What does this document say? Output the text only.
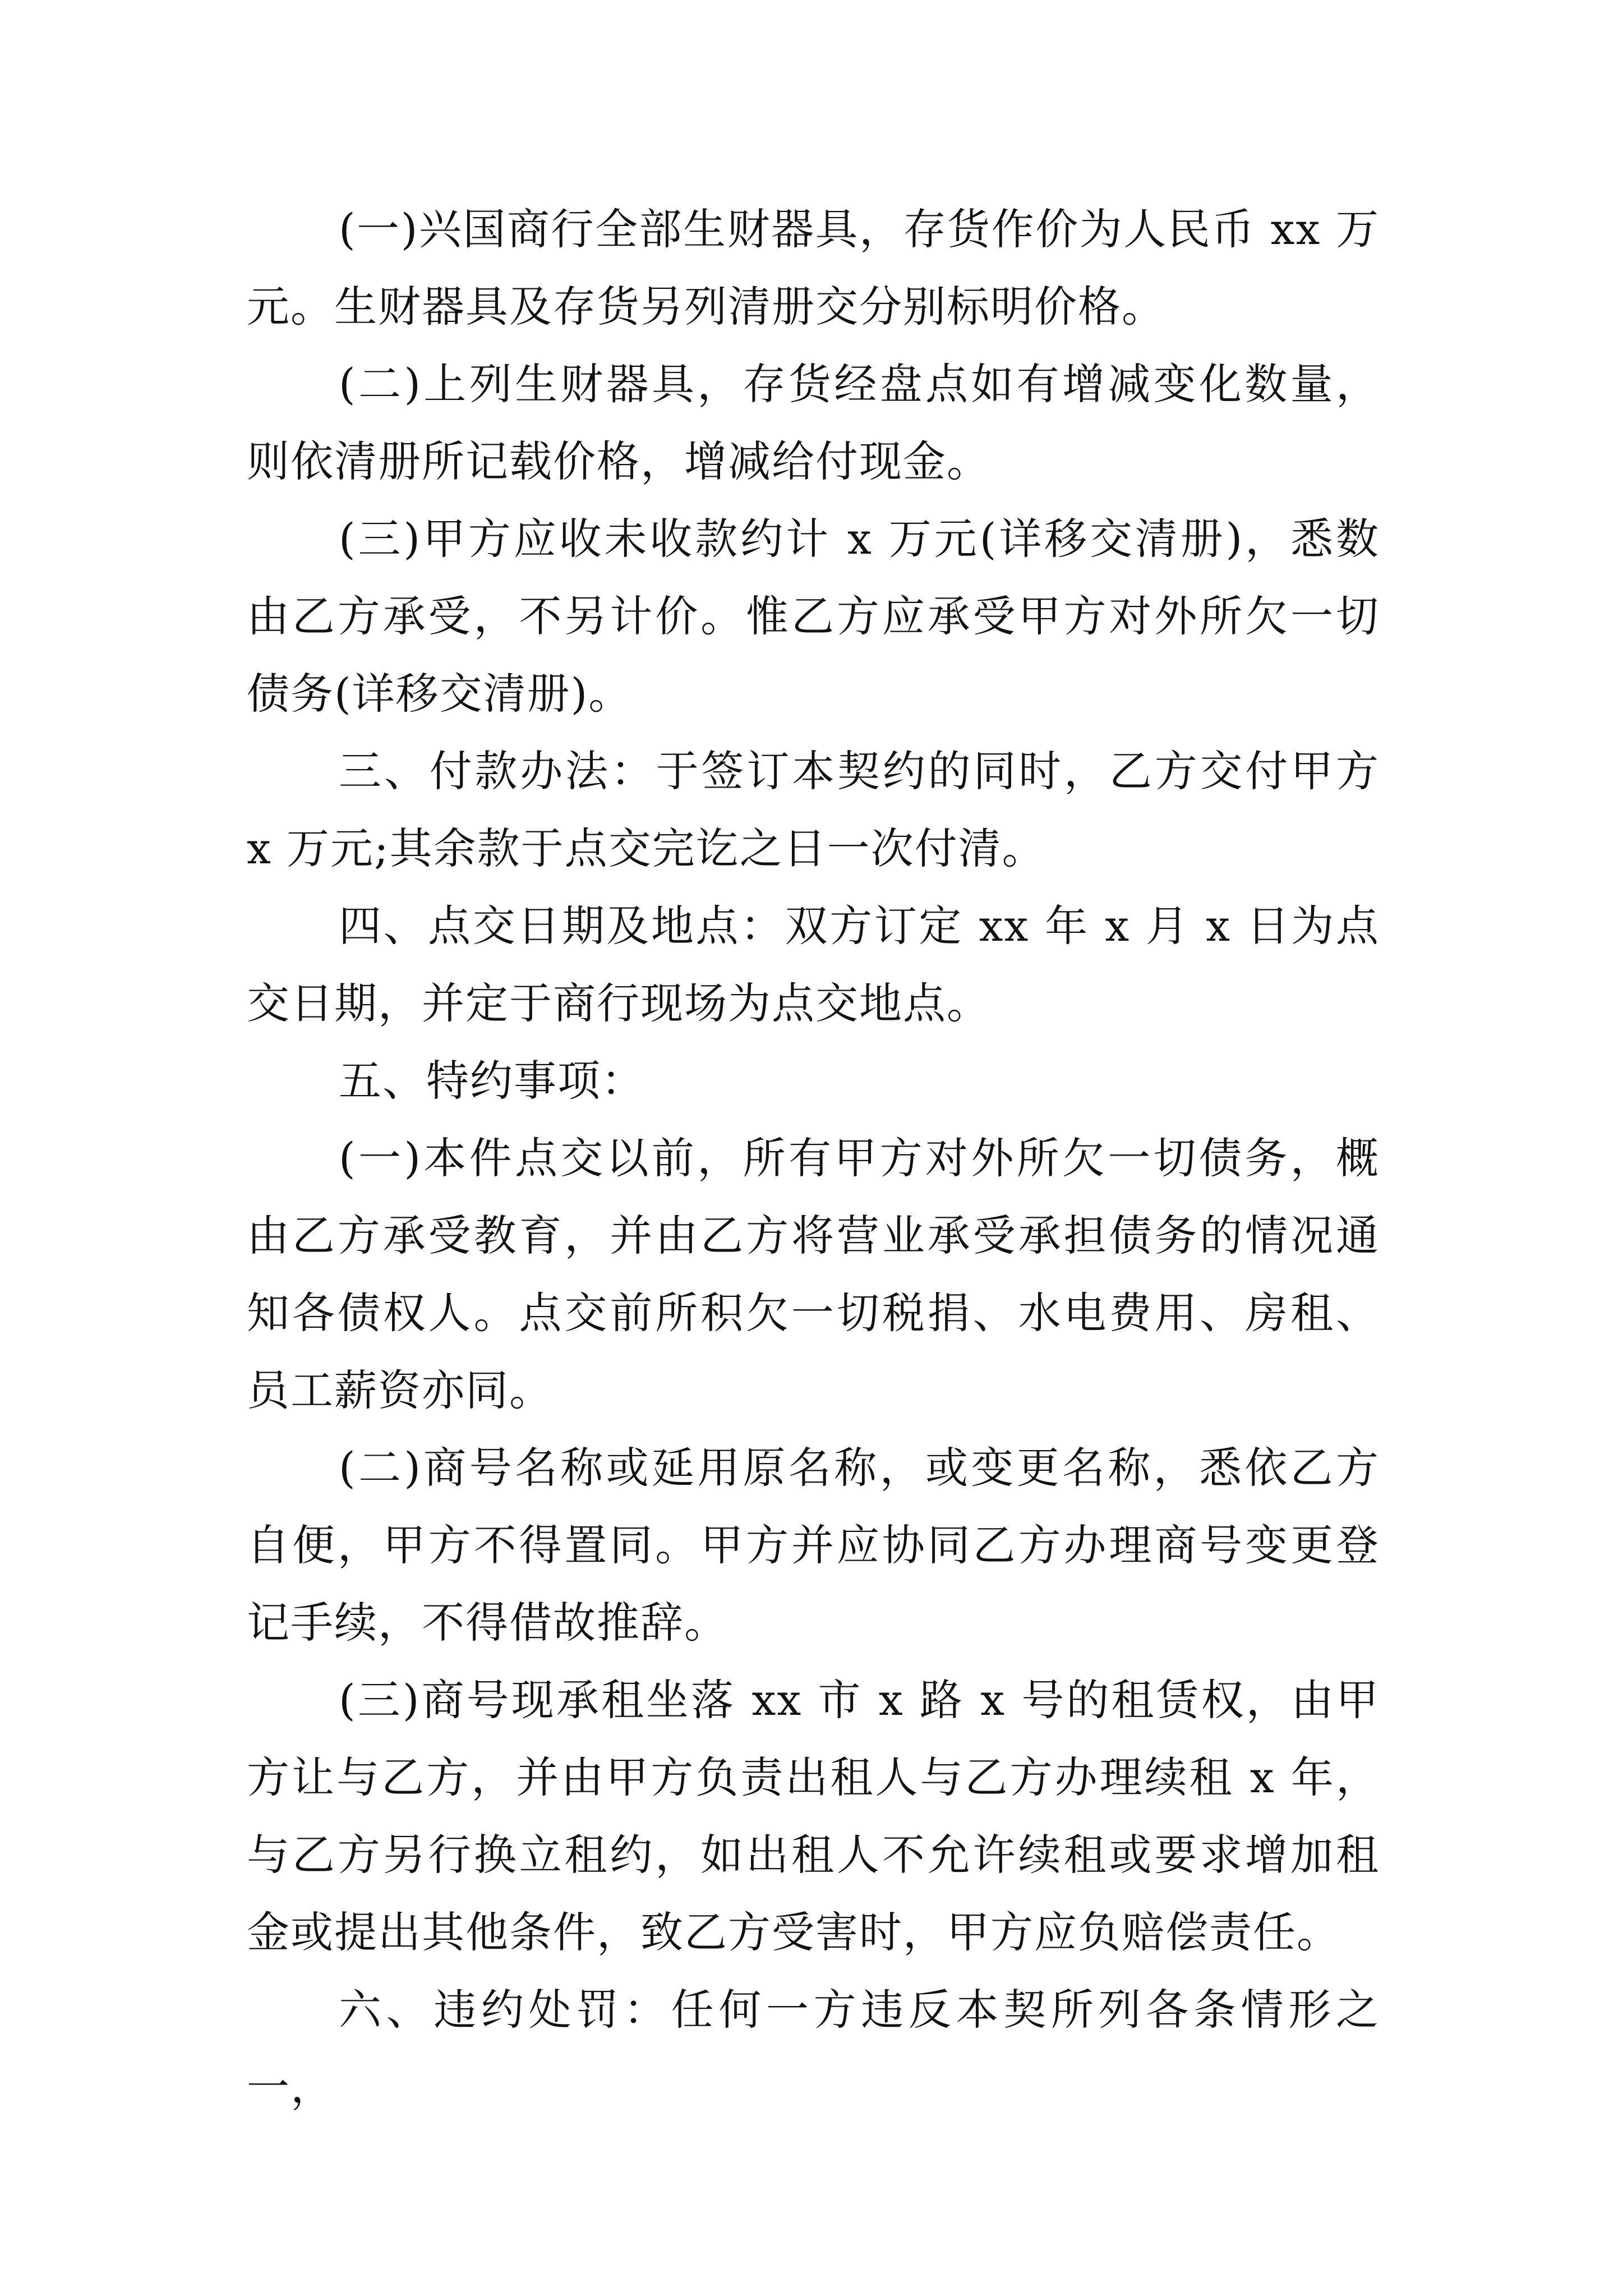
(一)兴国商行全部生财器具，存货作价为人民币 xx 万元。生财器具及存货另列清册交分别标明价格。

(二)上列生财器具，存货经盘点如有增减变化数量，则依清册所记载价格，增减给付现金。

(三)甲方应收未收款约计 x 万元(详移交清册)，悉数由乙方承受，不另计价。惟乙方应承受甲方对外所欠一切债务(详移交清册)。

三、付款办法：于签订本契约的同时，乙方交付甲方 x 万元;其余款于点交完讫之日一次付清。

四、点交日期及地点：双方订定 xx 年 x 月 x 日为点交日期，并定于商行现场为点交地点。

五、特约事项：

(一)本件点交以前，所有甲方对外所欠一切债务，概由乙方承受教育，并由乙方将营业承受承担债务的情况通知各债权人。点交前所积欠一切税捐、水电费用、房租、员工薪资亦同。

(二)商号名称或延用原名称，或变更名称，悉依乙方自便，甲方不得置同。甲方并应协同乙方办理商号变更登记手续，不得借故推辞。

(三)商号现承租坐落 xx 市 x 路 x 号的租赁权，由甲方让与乙方，并由甲方负责出租人与乙方办理续租 x 年，与乙方另行换立租约，如出租人不允许续租或要求增加租金或提出其他条件，致乙方受害时，甲方应负赔偿责任。

六、违约处罚：任何一方违反本契所列各条情形之一，
